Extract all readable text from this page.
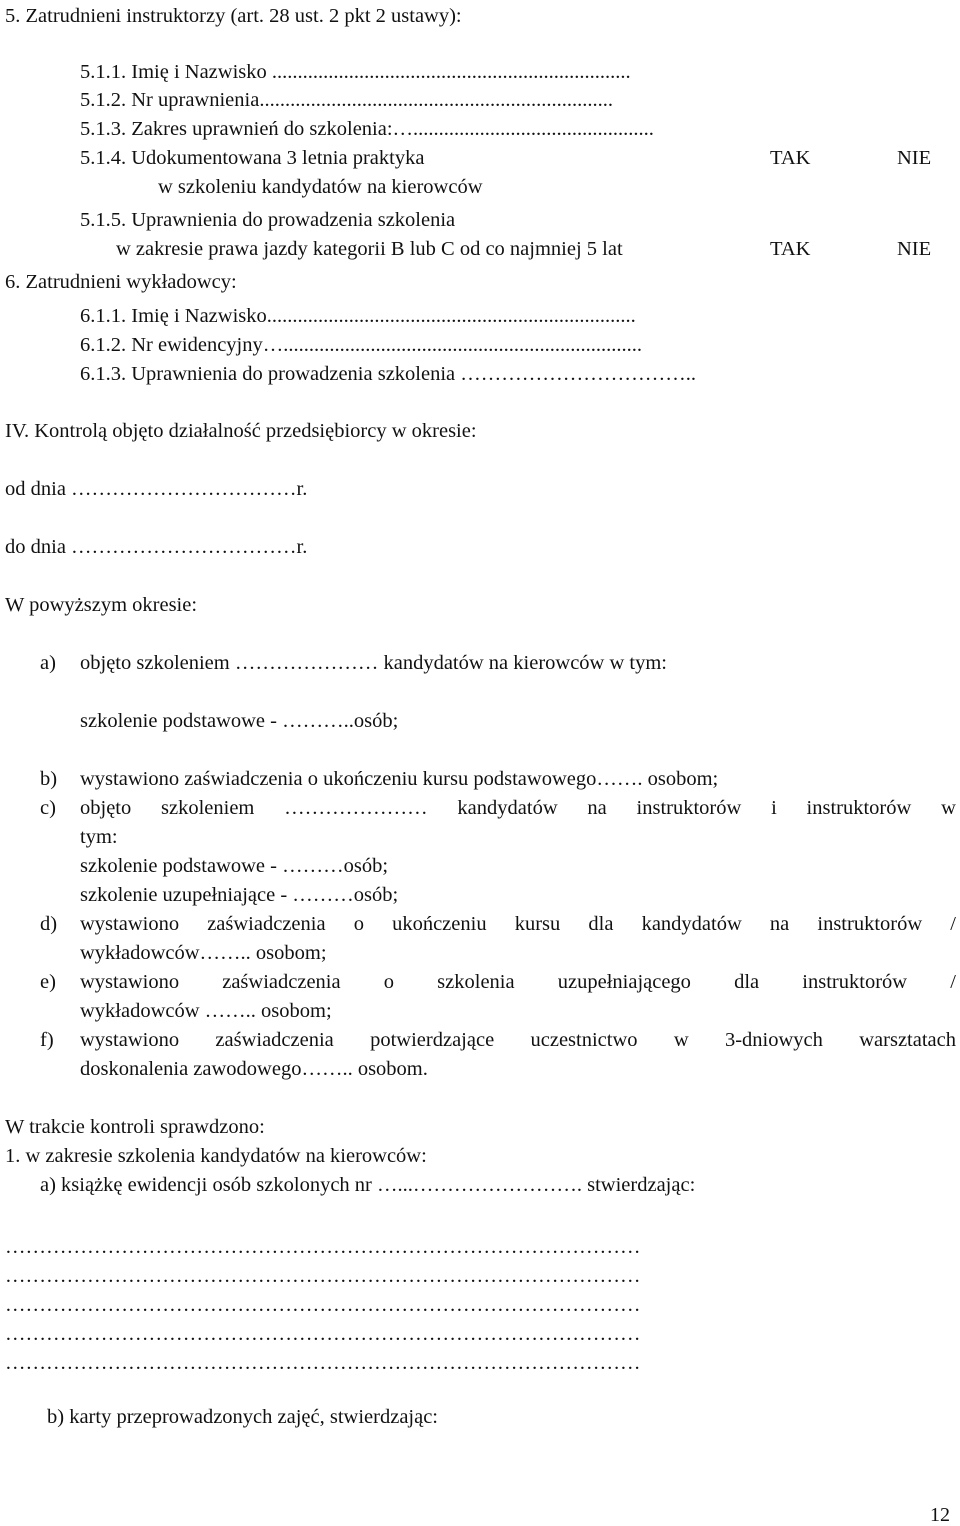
5. Zatrudnieni instruktorzy (art. 28 ust. 2 pkt 2 ustawy):
5.1.1. Imię i Nazwisko ......................................................................
5.1.2. Nr uprawnienia.....................................................................
5.1.3. Zakres uprawnień do szkolenia:…...............................................
5.1.4. Udokumentowana 3 letnia praktyka	TAK	NIE
w szkoleniu kandydatów na kierowców
5.1.5. Uprawnienia do prowadzenia szkolenia
w zakresie prawa jazdy kategorii B lub C od co najmniej 5 lat	TAK	NIE
6. Zatrudnieni wykładowcy:
6.1.1. Imię i Nazwisko........................................................................
6.1.2. Nr ewidencyjny…......................................................................
6.1.3. Uprawnienia do prowadzenia szkolenia ……………………………..
IV. Kontrolą objęto działalność przedsiębiorcy w okresie:
od dnia ……………………………r.
do dnia ……………………………r.
W powyższym okresie:
a) objęto szkoleniem ………………… kandydatów na kierowców w tym:
szkolenie podstawowe - ………..osób;
b) wystawiono zaświadczenia o ukończeniu kursu podstawowego……. osobom;
c) objęto szkoleniem ………………… kandydatów na instruktorów i instruktorów w
tym:
szkolenie podstawowe - ………osób;
szkolenie uzupełniające - ………osób;
d) wystawiono zaświadczenia o ukończeniu kursu dla kandydatów na instruktorów /
wykładowców…….. osobom;
e) wystawiono zaświadczenia o szkolenia uzupełniającego dla instruktorów /
wykładowców …….. osobom;
f) wystawiono zaświadczenia potwierdzające uczestnictwo w 3-dniowych warsztatach
doskonalenia zawodowego…….. osobom.
W trakcie kontroli sprawdzono:
1. w zakresie szkolenia kandydatów na kierowców:
a) książkę ewidencji osób szkolonych nr …...……………………. stwierdzając:
…………………………………………………………………………………
…………………………………………………………………………………
…………………………………………………………………………………
…………………………………………………………………………………
…………………………………………………………………………………
b) karty przeprowadzonych zajęć, stwierdzając:
12
